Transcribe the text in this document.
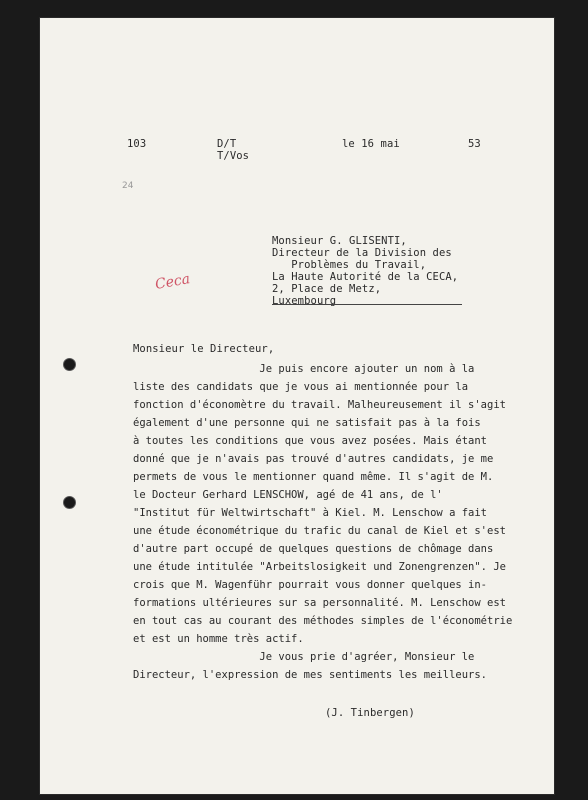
103	D/T
T/Vos
le 16 mai	53
24
Ceca
Monsieur G. GLISENTI,
Directeur de la Division des
Problèmes du Travail,
La Haute Autorité de la CECA,
2, Place de Metz,
Luxembourg
Monsieur le Directeur,
Je puis encore ajouter un nom à la
liste des candidats que je vous ai mentionnée pour la
fonction d'économètre du travail. Malheureusement il s'agit
également d'une personne qui ne satisfait pas à la fois
à toutes les conditions que vous avez posées. Mais étant
donné que je n'avais pas trouvé d'autres candidats, je me
permets de vous le mentionner quand même. Il s'agit de M.
le Docteur Gerhard LENSCHOW, agé de 41 ans, de l'
"Institut für Weltwirtschaft" à Kiel. M. Lenschow a fait
une étude économétrique du trafic du canal de Kiel et s'est
d'autre part occupé de quelques questions de chômage dans
une étude intitulée "Arbeitslosigkeit und Zonengrenzen". Je
crois que M. Wagenführ pourrait vous donner quelques in-
formations ultérieures sur sa personnalité. M. Lenschow est
en tout cas au courant des méthodes simples de l'économétrie
et est un homme très actif.
Je vous prie d'agréer, Monsieur le
Directeur, l'expression de mes sentiments les meilleurs.
(J. Tinbergen)
